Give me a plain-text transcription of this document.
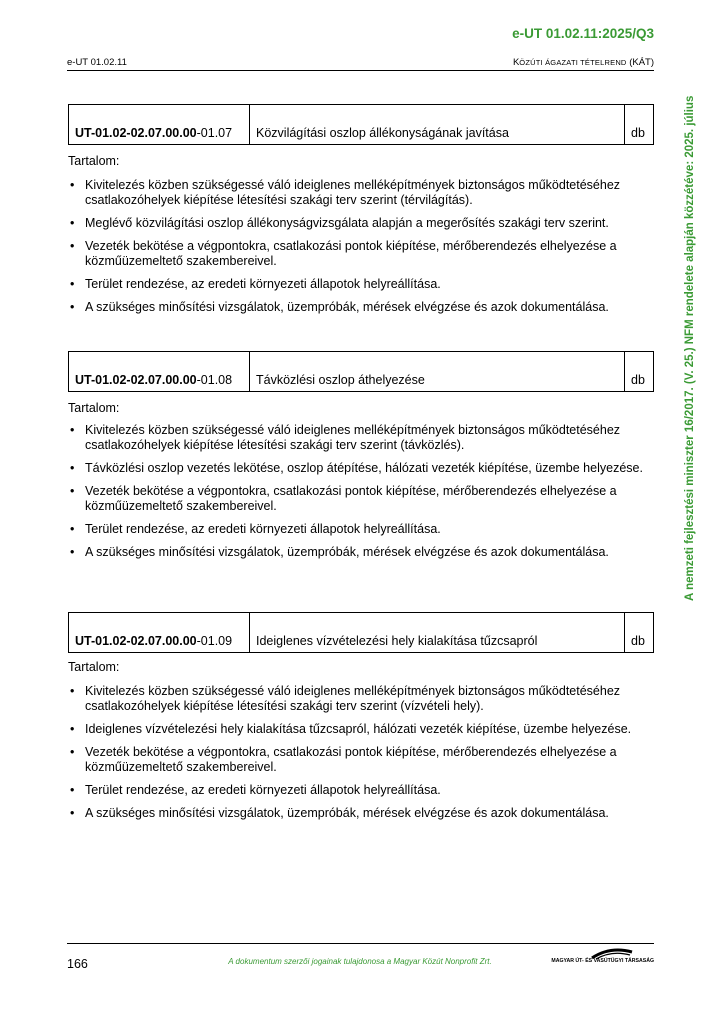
e-UT 01.02.11:2025/Q3
e-UT 01.02.11	KÖZÚTI ÁGAZATI TÉTELREND (KÁT)
A nemzeti fejlesztési miniszter 16/2017. (V. 25.) NFM rendelete alapján közzétéve: 2025. július
UT-01.02-02.07.00.00-01.07	Közvilágítási oszlop állékonyságának javítása	db
Tartalom:
• Kivitelezés közben szükségessé váló ideiglenes melléképítmények biztonságos működtetéséhez csatlakozóhelyek kiépítése létesítési szakági terv szerint (térvilágítás).
• Meglévő közvilágítási oszlop állékonyságvizsgálata alapján a megerősítés szakági terv szerint.
• Vezeték bekötése a végpontokra, csatlakozási pontok kiépítése, mérőberendezés elhelyezése a közműüzemeltető szakembereivel.
• Terület rendezése, az eredeti környezeti állapotok helyreállítása.
• A szükséges minősítési vizsgálatok, üzempróbák, mérések elvégzése és azok dokumentálása.
UT-01.02-02.07.00.00-01.08	Távközlési oszlop áthelyezése	db
Tartalom:
• Kivitelezés közben szükségessé váló ideiglenes melléképítmények biztonságos működtetéséhez csatlakozóhelyek kiépítése létesítési szakági terv szerint (távközlés).
• Távközlési oszlop vezetés lekötése, oszlop átépítése, hálózati vezeték kiépítése, üzembe helyezése.
• Vezeték bekötése a végpontokra, csatlakozási pontok kiépítése, mérőberendezés elhelyezése a közműüzemeltető szakembereivel.
• Terület rendezése, az eredeti környezeti állapotok helyreállítása.
• A szükséges minősítési vizsgálatok, üzempróbák, mérések elvégzése és azok dokumentálása.
UT-01.02-02.07.00.00-01.09	Ideiglenes vízvételezési hely kialakítása tűzcsapról	db
Tartalom:
• Kivitelezés közben szükségessé váló ideiglenes melléképítmények biztonságos működtetéséhez csatlakozóhelyek kiépítése létesítési szakági terv szerint (vízvételi hely).
• Ideiglenes vízvételezési hely kialakítása tűzcsapról, hálózati vezeték kiépítése, üzembe helyezése.
• Vezeték bekötése a végpontokra, csatlakozási pontok kiépítése, mérőberendezés elhelyezése a közműüzemeltető szakembereivel.
• Terület rendezése, az eredeti környezeti állapotok helyreállítása.
• A szükséges minősítési vizsgálatok, üzempróbák, mérések elvégzése és azok dokumentálása.
166	A dokumentum szerzői jogainak tulajdonosa a Magyar Közút Nonprofit Zrt.	MAGYAR ÚT- ÉS VASÚTÜGYI TÁRSASÁG
